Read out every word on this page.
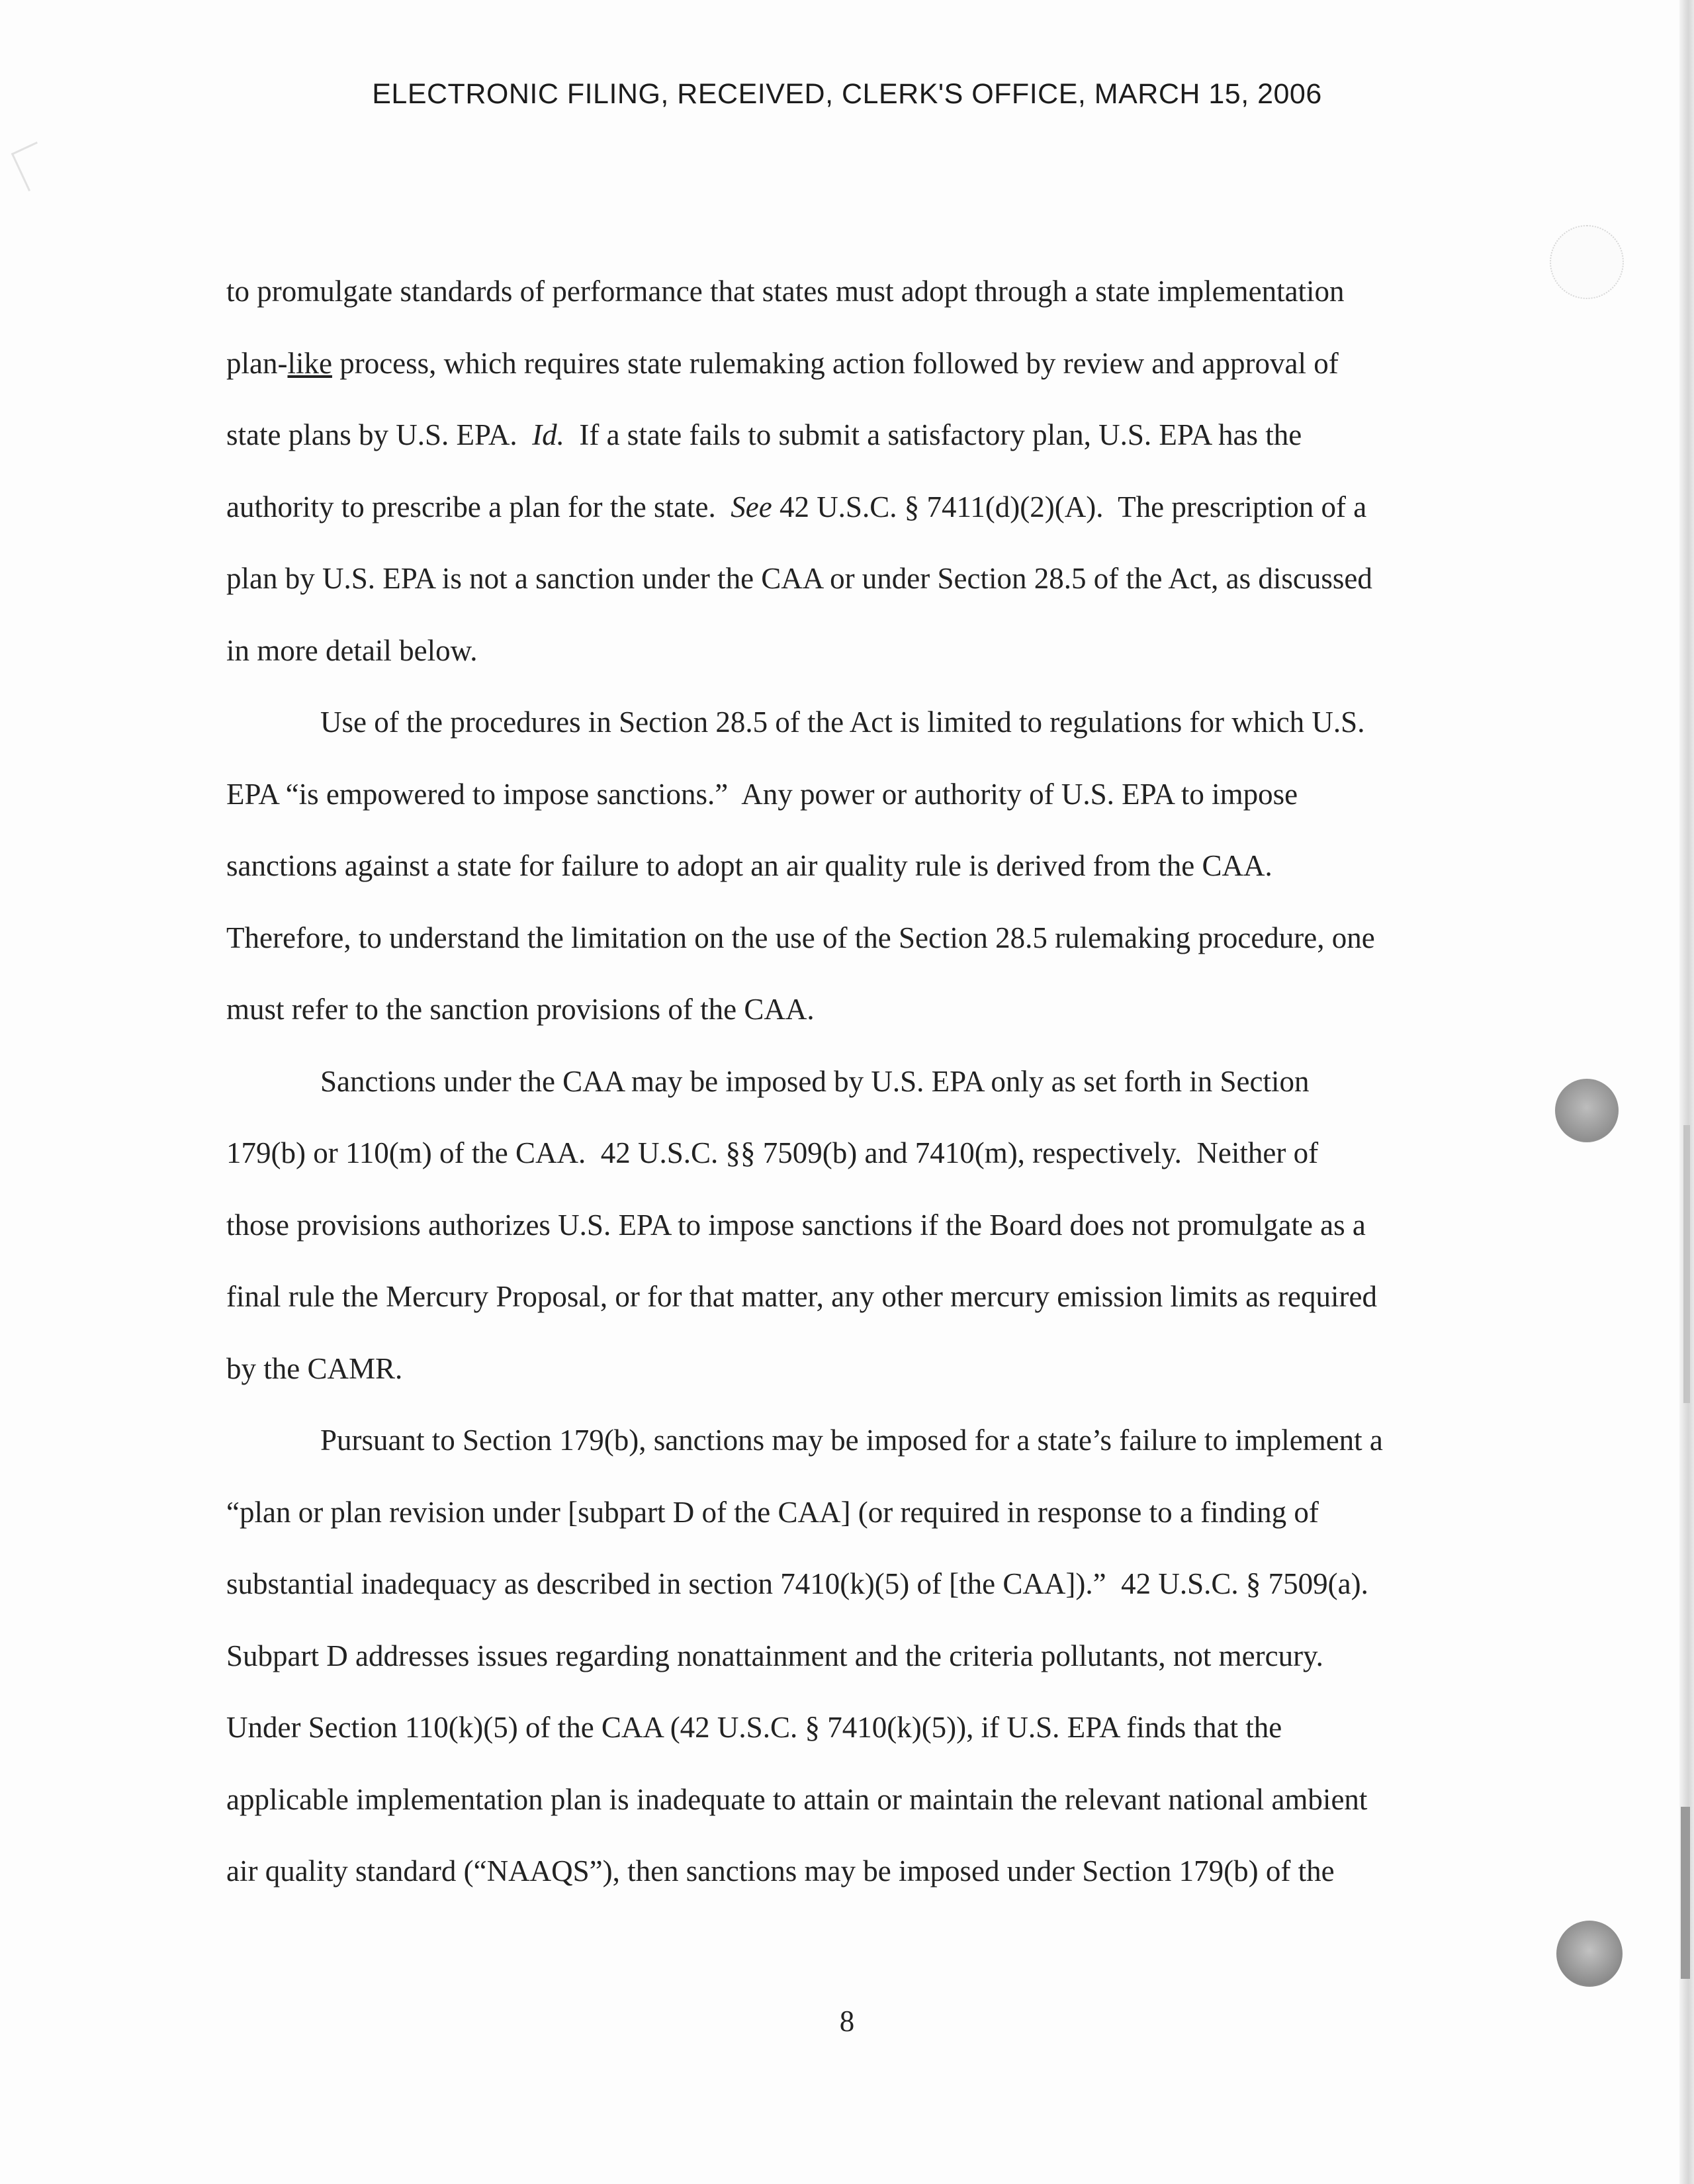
ELECTRONIC FILING, RECEIVED, CLERK'S OFFICE, MARCH 15, 2006
to promulgate standards of performance that states must adopt through a state implementation
plan-like process, which requires state rulemaking action followed by review and approval of
state plans by U.S. EPA.  Id.  If a state fails to submit a satisfactory plan, U.S. EPA has the
authority to prescribe a plan for the state.  See 42 U.S.C. § 7411(d)(2)(A).  The prescription of a
plan by U.S. EPA is not a sanction under the CAA or under Section 28.5 of the Act, as discussed
in more detail below.
Use of the procedures in Section 28.5 of the Act is limited to regulations for which U.S.
EPA “is empowered to impose sanctions.”  Any power or authority of U.S. EPA to impose
sanctions against a state for failure to adopt an air quality rule is derived from the CAA.
Therefore, to understand the limitation on the use of the Section 28.5 rulemaking procedure, one
must refer to the sanction provisions of the CAA.
Sanctions under the CAA may be imposed by U.S. EPA only as set forth in Section
179(b) or 110(m) of the CAA.  42 U.S.C. §§ 7509(b) and 7410(m), respectively.  Neither of
those provisions authorizes U.S. EPA to impose sanctions if the Board does not promulgate as a
final rule the Mercury Proposal, or for that matter, any other mercury emission limits as required
by the CAMR.
Pursuant to Section 179(b), sanctions may be imposed for a state’s failure to implement a
“plan or plan revision under [subpart D of the CAA] (or required in response to a finding of
substantial inadequacy as described in section 7410(k)(5) of [the CAA]).”  42 U.S.C. § 7509(a).
Subpart D addresses issues regarding nonattainment and the criteria pollutants, not mercury.
Under Section 110(k)(5) of the CAA (42 U.S.C. § 7410(k)(5)), if U.S. EPA finds that the
applicable implementation plan is inadequate to attain or maintain the relevant national ambient
air quality standard (“NAAQS”), then sanctions may be imposed under Section 179(b) of the
8
